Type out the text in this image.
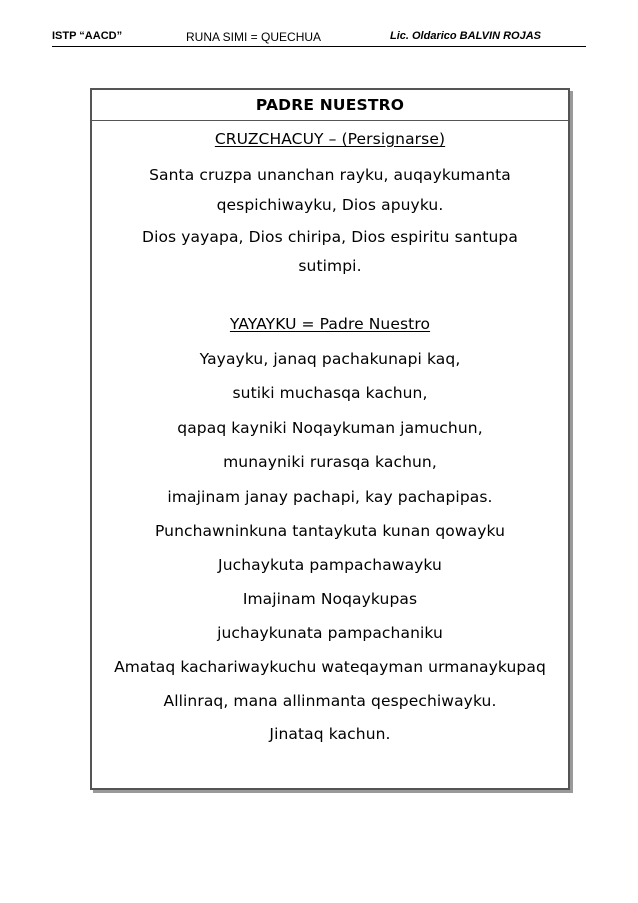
ISTP “AACD”	RUNA SIMI = QUECHUA	Lic. Oldarico BALVIN ROJAS
PADRE NUESTRO
CRUZCHACUY – (Persignarse)
Santa cruzpa unanchan rayku, auqaykumanta
qespichiwayku, Dios apuyku.
Dios yayapa, Dios chiripa, Dios espiritu santupa
sutimpi.
YAYAYKU = Padre Nuestro
Yayayku, janaq pachakunapi kaq,
sutiki muchasqa kachun,
qapaq kayniki Noqaykuman jamuchun,
munayniki rurasqa kachun,
imajinam janay pachapi, kay pachapipas.
Punchawninkuna tantaykuta kunan qowayku
Juchaykuta pampachawayku
Imajinam Noqaykupas
juchaykunata pampachaniku
Amataq kachariwaykuchu wateqayman urmanaykupaq
Allinraq, mana allinmanta qespechiwayku.
Jinataq kachun.
